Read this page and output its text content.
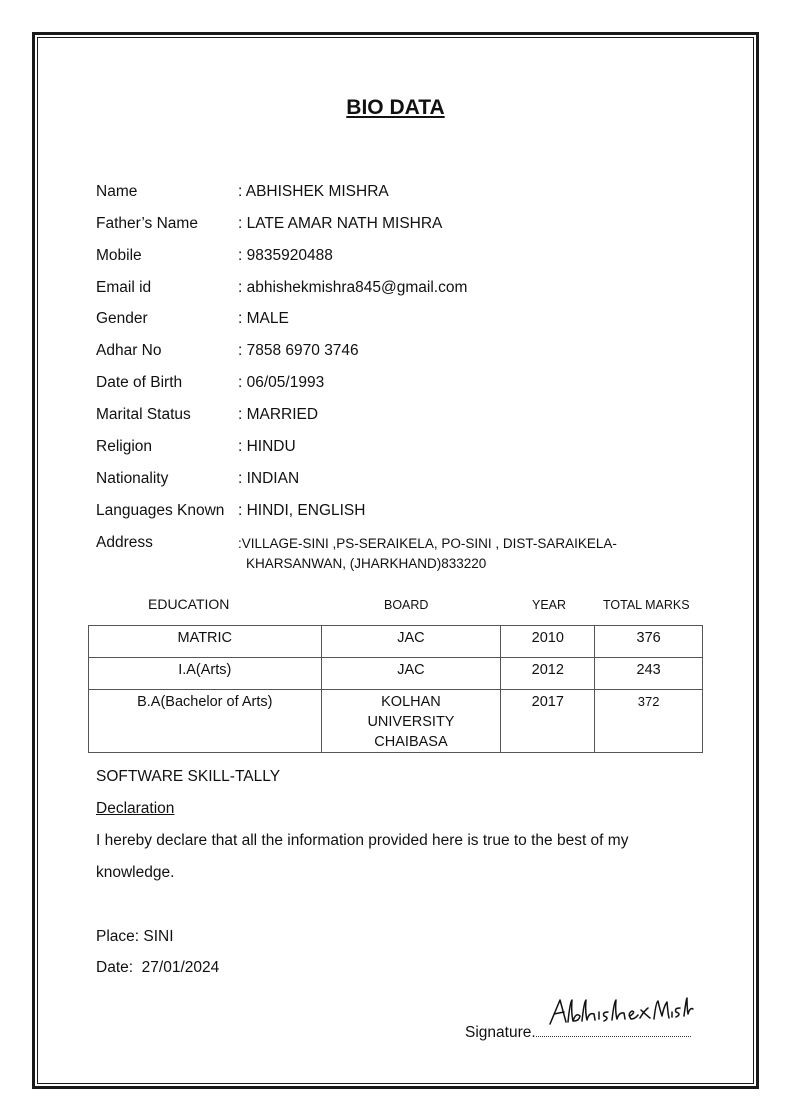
BIO DATA
Name	: ABHISHEK MISHRA
Father’s Name	: LATE AMAR NATH MISHRA
Mobile	: 9835920488
Email id	: abhishekmishra845@gmail.com
Gender	: MALE
Adhar No	: 7858 6970 3746
Date of Birth	: 06/05/1993
Marital Status	: MARRIED
Religion	: HINDU
Nationality	: INDIAN
Languages Known : HINDI, ENGLISH
Address	:VILLAGE-SINI ,PS-SERAIKELA, PO-SINI , DIST-SARAIKELA-
KHARSANWAN, (JHARKHAND)833220
EDUCATION	BOARD	YEAR	TOTAL MARKS
MATRIC	JAC	2010	376
I.A(Arts)	JAC	2012	243
B.A(Bachelor of Arts)	KOLHAN UNIVERSITY CHAIBASA	2017	372
SOFTWARE SKILL-TALLY
Declaration
I hereby declare that all the information provided here is true to the best of my
knowledge.
Place: SINI
Date:  27/01/2024
Signature.
